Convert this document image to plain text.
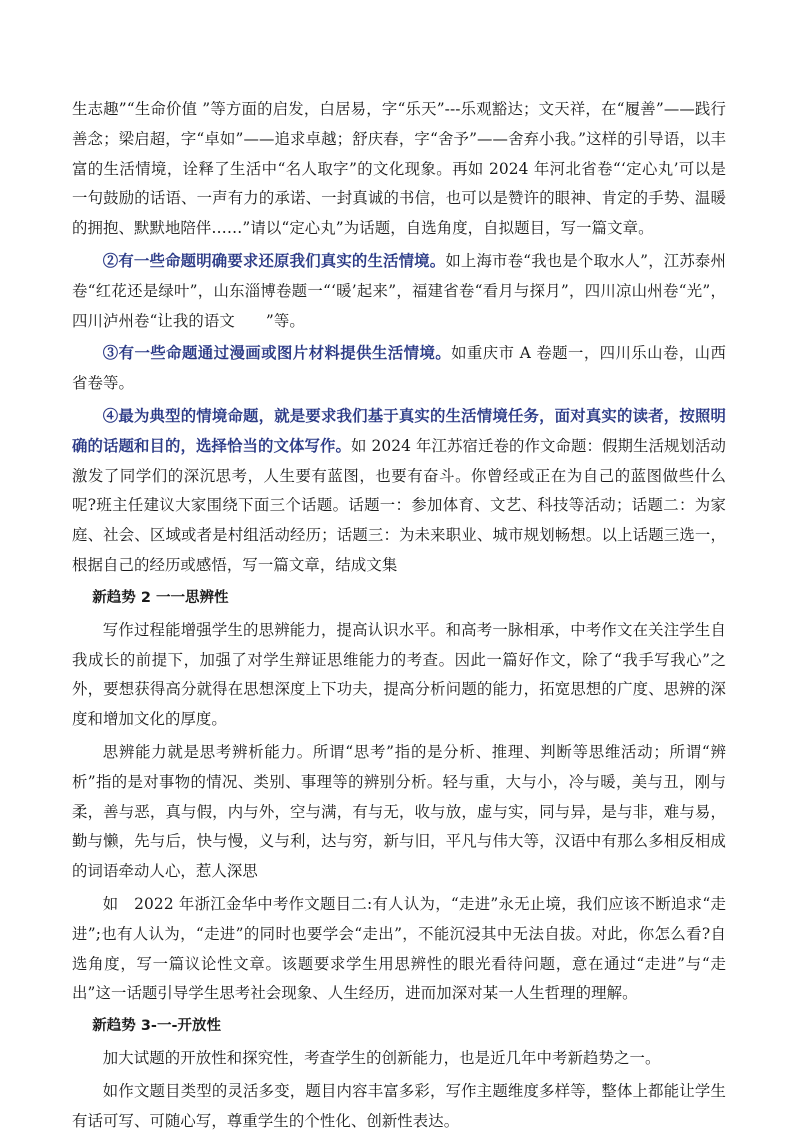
生志趣”“生命价值 ”等方面的启发，白居易，字“乐天”---乐观豁达；文天祥，在“履善”——践行善念；梁启超，字“卓如”——追求卓越；舒庆春，字“舍予”——舍弃小我。”这样的引导语，以丰富的生活情境，诠释了生活中“名人取字”的文化现象。再如 2024 年河北省卷“‘定心丸’可以是一句鼓励的话语、一声有力的承诺、一封真诚的书信，也可以是赞许的眼神、肯定的手势、温暖的拥抱、默默地陪伴……”请以“定心丸”为话题，自选角度，自拟题目，写一篇文章。

②有一些命题明确要求还原我们真实的生活情境。如上海市卷“我也是个取水人”，江苏泰州卷“红花还是绿叶”，山东淄博卷题一“‘暖’起来”，福建省卷“看月与探月”，四川凉山州卷“光”，四川泸州卷“让我的语文　　”等。

③有一些命题通过漫画或图片材料提供生活情境。如重庆市 A 卷题一，四川乐山卷，山西省卷等。

④最为典型的情境命题，就是要求我们基于真实的生活情境任务，面对真实的读者，按照明确的话题和目的，选择恰当的文体写作。如 2024 年江苏宿迁卷的作文命题：假期生活规划活动激发了同学们的深沉思考，人生要有蓝图，也要有奋斗。你曾经或正在为自己的蓝图做些什么呢?班主任建议大家围绕下面三个话题。话题一：参加体育、文艺、科技等活动；话题二：为家庭、社会、区域或者是村组活动经历；话题三：为未来职业、城市规划畅想。以上话题三选一，根据自己的经历或感悟，写一篇文章，结成文集

新趋势 2 一一思辨性

写作过程能增强学生的思辨能力，提高认识水平。和高考一脉相承，中考作文在关注学生自我成长的前提下，加强了对学生辩证思维能力的考查。因此一篇好作文，除了“我手写我心”之外，要想获得高分就得在思想深度上下功夫，提高分析问题的能力，拓宽思想的广度、思辨的深度和增加文化的厚度。

思辨能力就是思考辨析能力。所谓“思考”指的是分析、推理、判断等思维活动；所谓“辨析”指的是对事物的情况、类别、事理等的辨别分析。轻与重，大与小，冷与暖，美与丑，刚与柔，善与恶，真与假，内与外，空与满，有与无，收与放，虚与实，同与异，是与非，难与易，勤与懒，先与后，快与慢，义与利，达与穷，新与旧，平凡与伟大等，汉语中有那么多相反相成的词语牵动人心，惹人深思

如　2022 年浙江金华中考作文题目二:有人认为，“走进”永无止境，我们应该不断追求“走进”;也有人认为，“走进”的同时也要学会“走出”，不能沉浸其中无法自拔。对此，你怎么看?自选角度，写一篇议论性文章。该题要求学生用思辨性的眼光看待问题，意在通过“走进”与“走出”这一话题引导学生思考社会现象、人生经历，进而加深对某一人生哲理的理解。

新趋势 3-一-开放性

加大试题的开放性和探究性，考查学生的创新能力，也是近几年中考新趋势之一。

如作文题目类型的灵活多变，题目内容丰富多彩，写作主题维度多样等，整体上都能让学生有话可写、可随心写，尊重学生的个性化、创新性表达。
